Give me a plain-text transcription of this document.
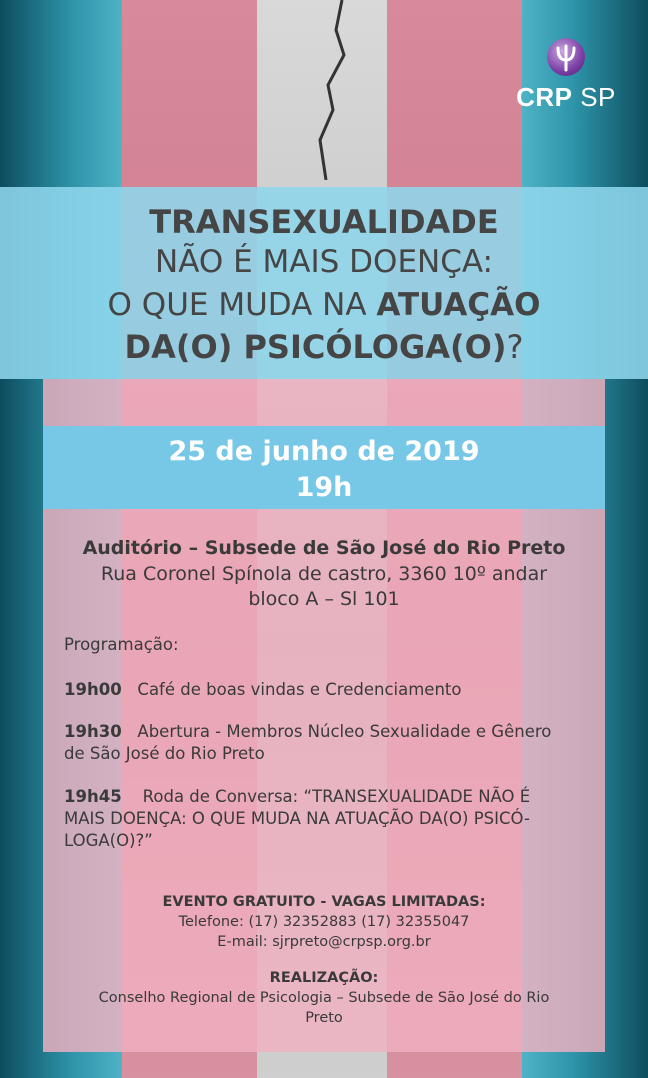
CRP SP
TRANSEXUALIDADE
NÃO É MAIS DOENÇA:
O QUE MUDA NA ATUAÇÃO
DA(O) PSICÓLOGA(O)?
25 de junho de 2019
19h
Auditório – Subsede de São José do Rio Preto
Rua Coronel Spínola de castro, 3360 10º andar
bloco A – Sl 101
Programação:
19h00 Café de boas vindas e Credenciamento
19h30 Abertura - Membros Núcleo Sexualidade e Gênero
de São José do Rio Preto
19h45 Roda de Conversa: “TRANSEXUALIDADE NÃO É
MAIS DOENÇA: O QUE MUDA NA ATUAÇÃO DA(O) PSICÓ-
LOGA(O)?”
EVENTO GRATUITO - VAGAS LIMITADAS:
Telefone: (17) 32352883 (17) 32355047
E-mail: sjrpreto@crpsp.org.br
REALIZAÇÃO:
Conselho Regional de Psicologia – Subsede de São José do Rio
Preto
